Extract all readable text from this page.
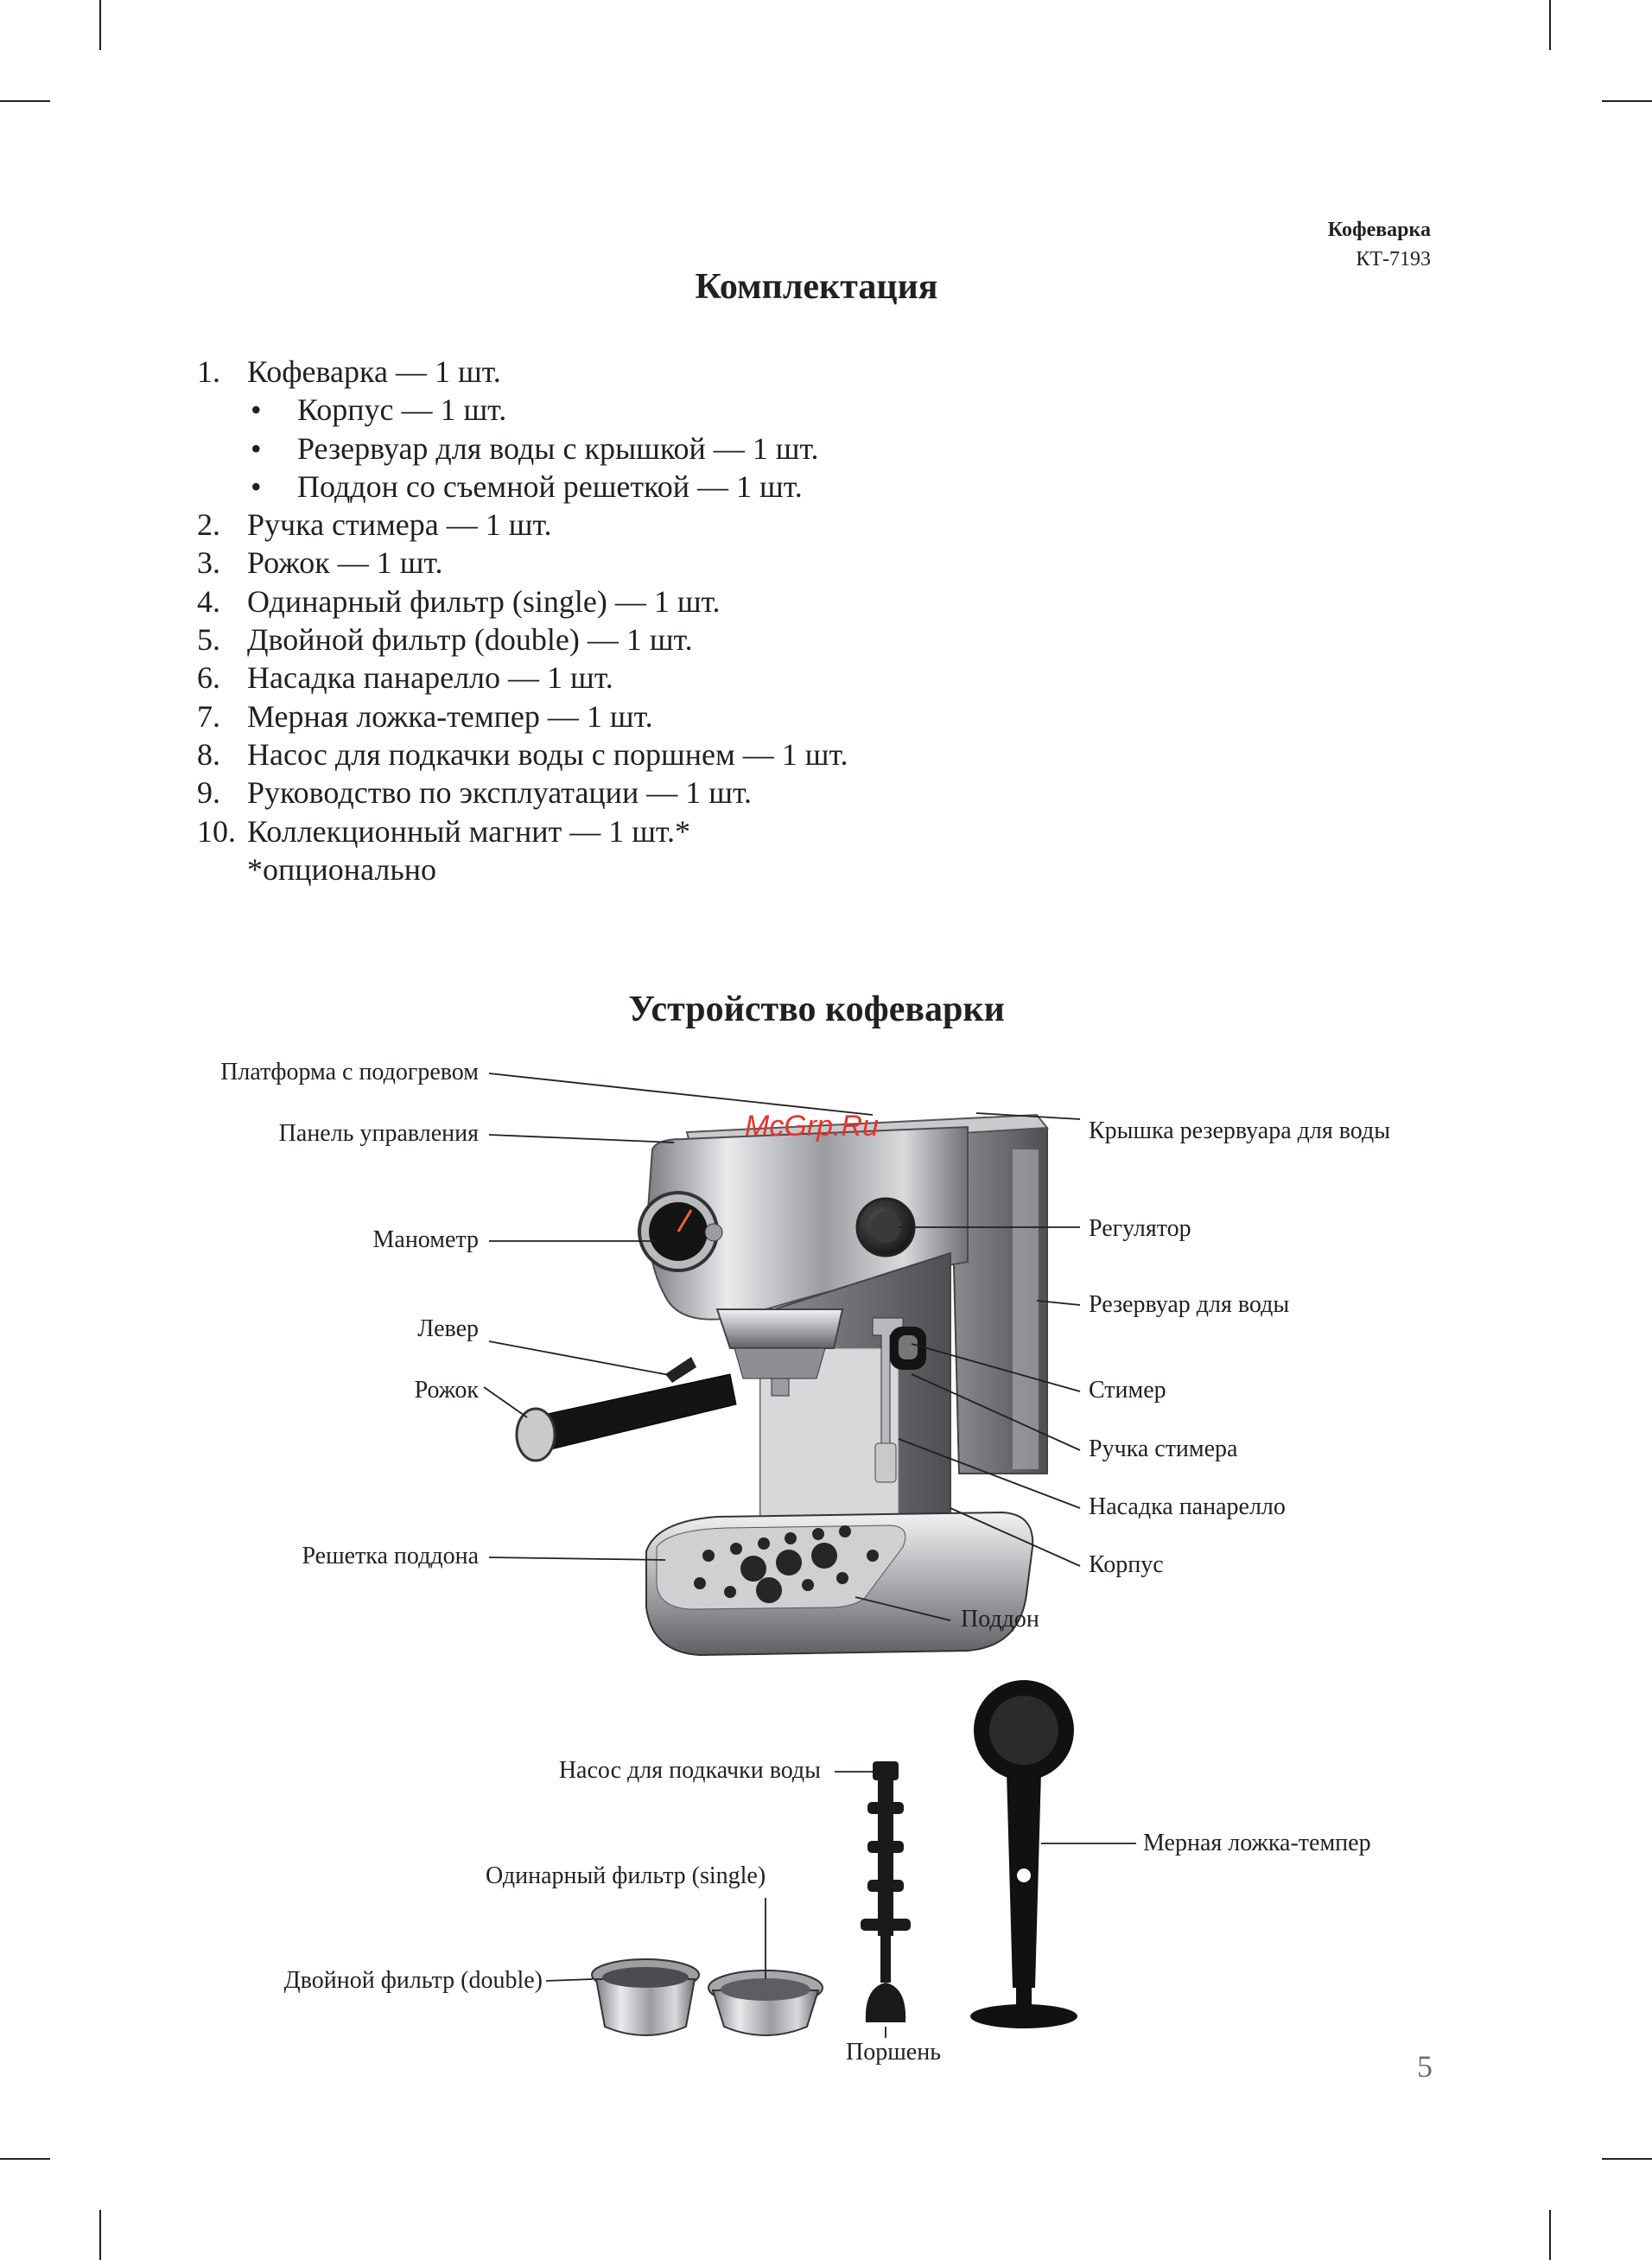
Кофеварка
КТ-7193
Комплектация
1. Кофеварка — 1 шт.
• Корпус — 1 шт.
• Резервуар для воды с крышкой — 1 шт.
• Поддон со съемной решеткой — 1 шт.
2. Ручка стимера — 1 шт.
3. Рожок — 1 шт.
4. Одинарный фильтр (single) — 1 шт.
5. Двойной фильтр (double) — 1 шт.
6. Насадка панарелло — 1 шт.
7. Мерная ложка-темпер — 1 шт.
8. Насос для подкачки воды с поршнем — 1 шт.
9. Руководство по эксплуатации — 1 шт.
10. Коллекционный магнит — 1 шт.*
*опционально
Устройство кофеварки
Платформа с подогревом
Панель управления
Манометр
Левер
Рожок
Решетка поддона
Крышка резервуара для воды
Регулятор
Резервуар для воды
Стимер
Ручка стимера
Насадка панарелло
Корпус
Поддон
Насос для подкачки воды
Одинарный фильтр (single)
Двойной фильтр (double)
Поршень
Мерная ложка-темпер
McGrp.Ru
5
